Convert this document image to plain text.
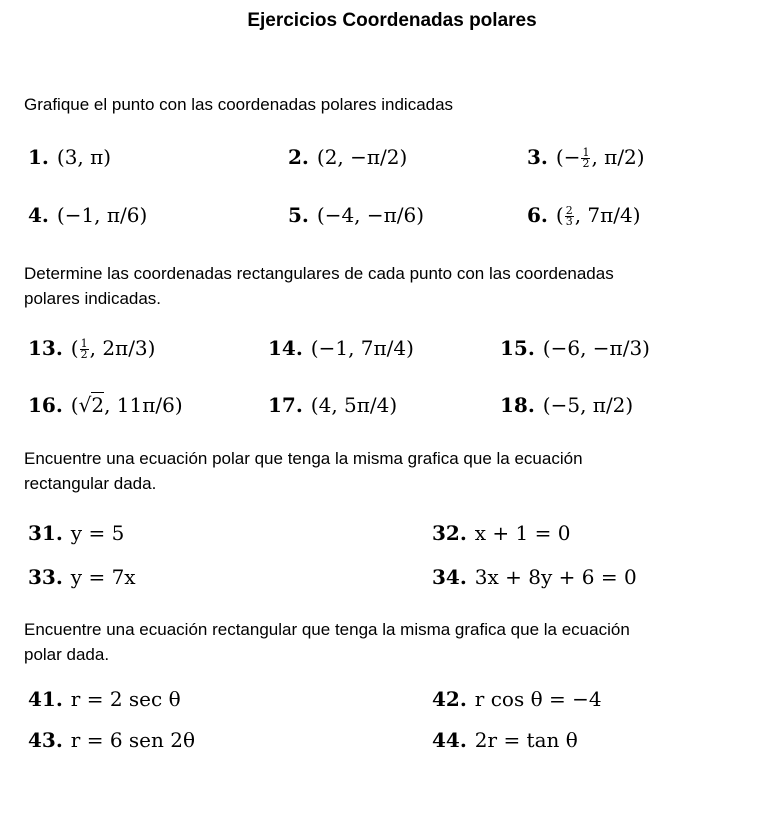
Ejercicios Coordenadas polares
Grafique el punto con las coordenadas polares indicadas
1. (3, π)	2. (2, −π/2)	3. (− $\frac{1}{2}$ , π/2)
4. (−1, π/6)	5. (−4, −π/6)	6. ( $\frac{2}{3}$ , 7π/4)
Determine las coordenadas rectangulares de cada punto con las coordenadas
polares indicadas.
13. ( $\frac{1}{2}$ , 2π/3)	14. (−1, 7π/4)	15. (−6, −π/3)
16. (√2, 11π/6)	17. (4, 5π/4)	18. (−5, π/2)
Encuentre una ecuación polar que tenga la misma grafica que la ecuación
rectangular dada.
31. y = 5	32. x + 1 = 0
33. y = 7x	34. 3x + 8y + 6 = 0
Encuentre una ecuación rectangular que tenga la misma grafica que la ecuación
polar dada.
41. r = 2 sec θ	42. r cos θ = −4
43. r = 6 sen 2θ	44. 2r = tan θ
